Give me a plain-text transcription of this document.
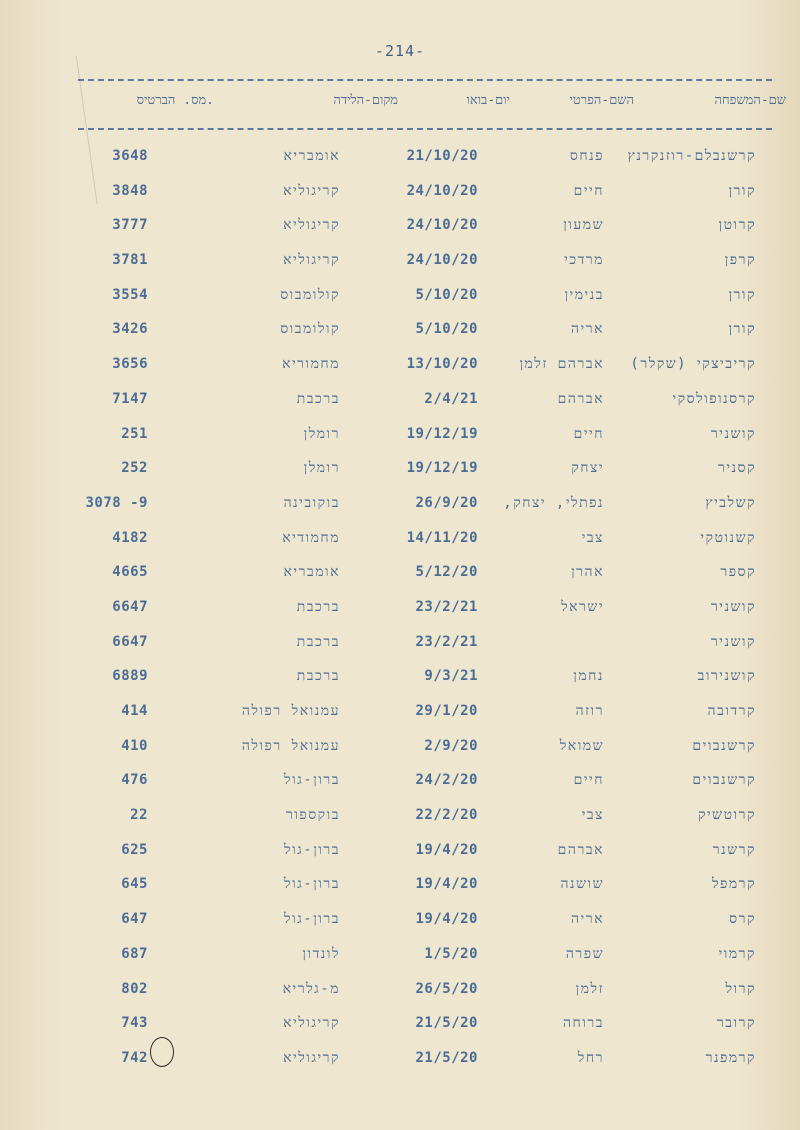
-214-
שם-המשפחה
השם-הפרטי
יום-בואו
מקום-הלידה
מס. הברטיס.
קרשנבלם-רוזנקרנץ
פנחס
21/10/20
אומבריא
3648
קורן
חיים
24/10/20
קריגוליא
3848
קרוטן
שמעון
24/10/20
קריגוליא
3777
קרפן
מרדכי
24/10/20
קריגוליא
3781
קורן
בנימין
5/10/20
קולומבוס
3554
קורן
אריה
5/10/20
קולומבוס
3426
קריביצקי (שקלר)
אברהם זלמן
13/10/20
מחמוריא
3656
קרסנופולסקי
אברהם
2/4/21
ברכבת
7147
קושניר
חיים
19/12/19
רומלן
251
קסניר
יצחק
19/12/19
רומלן
252
קשלביץ
נפתלי, יצחק,
26/9/20
בוקובינה
3078 -9
קשנוטקי
צבי
14/11/20
מחמודיא
4182
קספר
אהרן
5/12/20
אומבריא
4665
קושניר
ישראל
23/2/21
ברכבת
6647
קושניר
23/2/21
ברכבת
6647
קושנירוב
נחמן
9/3/21
ברכבת
6889
קרדובה
רוזה
29/1/20
עמנואל רפולה
414
קרשנבוים
שמואל
2/9/20
עמנואל רפולה
410
קרשנבוים
חיים
24/2/20
ברון-גול
476
קרוטשיק
צבי
22/2/20
בוקספור
22
קרשנר
אברהם
19/4/20
ברון-גול
625
קרמפל
שושנה
19/4/20
ברון-גול
645
קרס
אריה
19/4/20
ברון-גול
647
קרמוי
שפרה
1/5/20
לונדון
687
קרול
זלמן
26/5/20
מ-גלריא
802
קרובר
ברוחה
21/5/20
קריגוליא
743
קרמפנר
רחל
21/5/20
קריגוליא
742
